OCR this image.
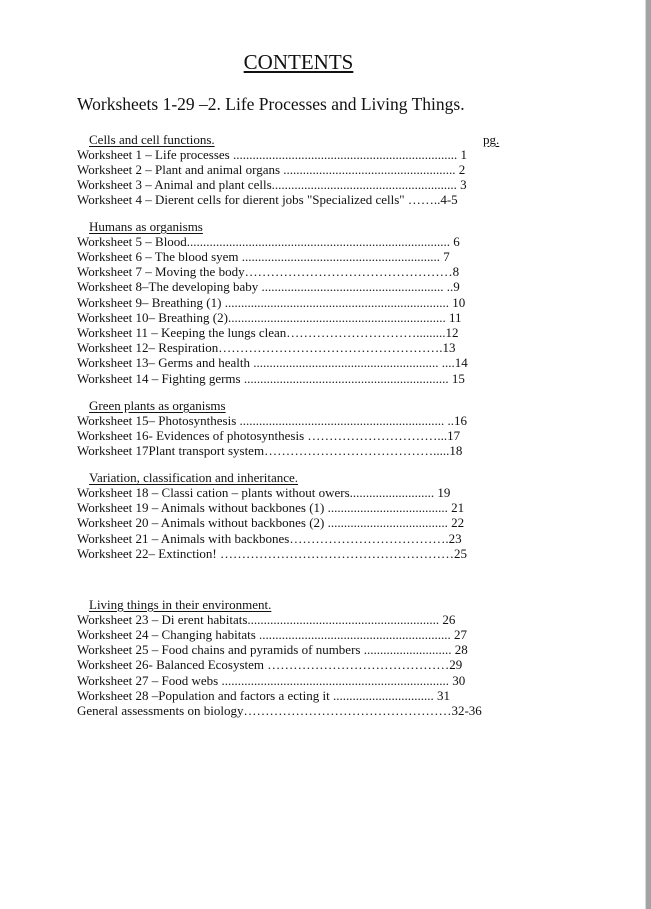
CONTENTS
Worksheets 1-29 –2. Life Processes and Living Things.
pg.
Cells and cell functions.
Worksheet 1 – Life processes ..................................................................... 1
Worksheet 2 – Plant and animal organs ..................................................... 2
Worksheet 3 – Animal and plant cells......................................................... 3
Worksheet 4 – Dierent cells for dierent jobs "Specialized cells" ……..4-5
Humans as organisms
Worksheet 5 – Blood................................................................................. 6
Worksheet 6 – The blood syem ............................................................. 7
Worksheet 7 – Moving the body…………………………………………8
Worksheet 8–The developing baby ........................................................ ..9
Worksheet 9– Breathing (1) ..................................................................... 10
Worksheet 10– Breathing (2)................................................................... 11
Worksheet 11 – Keeping the lungs clean………………………….........12
Worksheet 12– Respiration…………………………………………….13
Worksheet 13– Germs and health ......................................................... ....14
Worksheet 14 – Fighting germs ............................................................... 15
Green plants as organisms
Worksheet 15– Photosynthesis ............................................................... ..16
Worksheet 16- Evidences of photosynthesis …………………………...17
Worksheet 17Plant transport system………………………………….....18
Variation, classification and inheritance.
Worksheet 18 – Classi cation – plants without owers.......................... 19
Worksheet 19 – Animals without backbones (1) ..................................... 21
Worksheet 20 – Animals without backbones (2) ..................................... 22
Worksheet 21 – Animals with backbones……………………………….23
Worksheet 22– Extinction! ………………………………………………25
Living things in their environment.
Worksheet 23 – Di erent habitats........................................................... 26
Worksheet 24 – Changing habitats ........................................................... 27
Worksheet 25 – Food chains and pyramids of numbers ........................... 28
Worksheet 26- Balanced Ecosystem ……………………………………29
Worksheet 27 – Food webs ...................................................................... 30
Worksheet 28 –Population and factors a ecting it ............................... 31
General assessments on biology…………………………………………32-36
